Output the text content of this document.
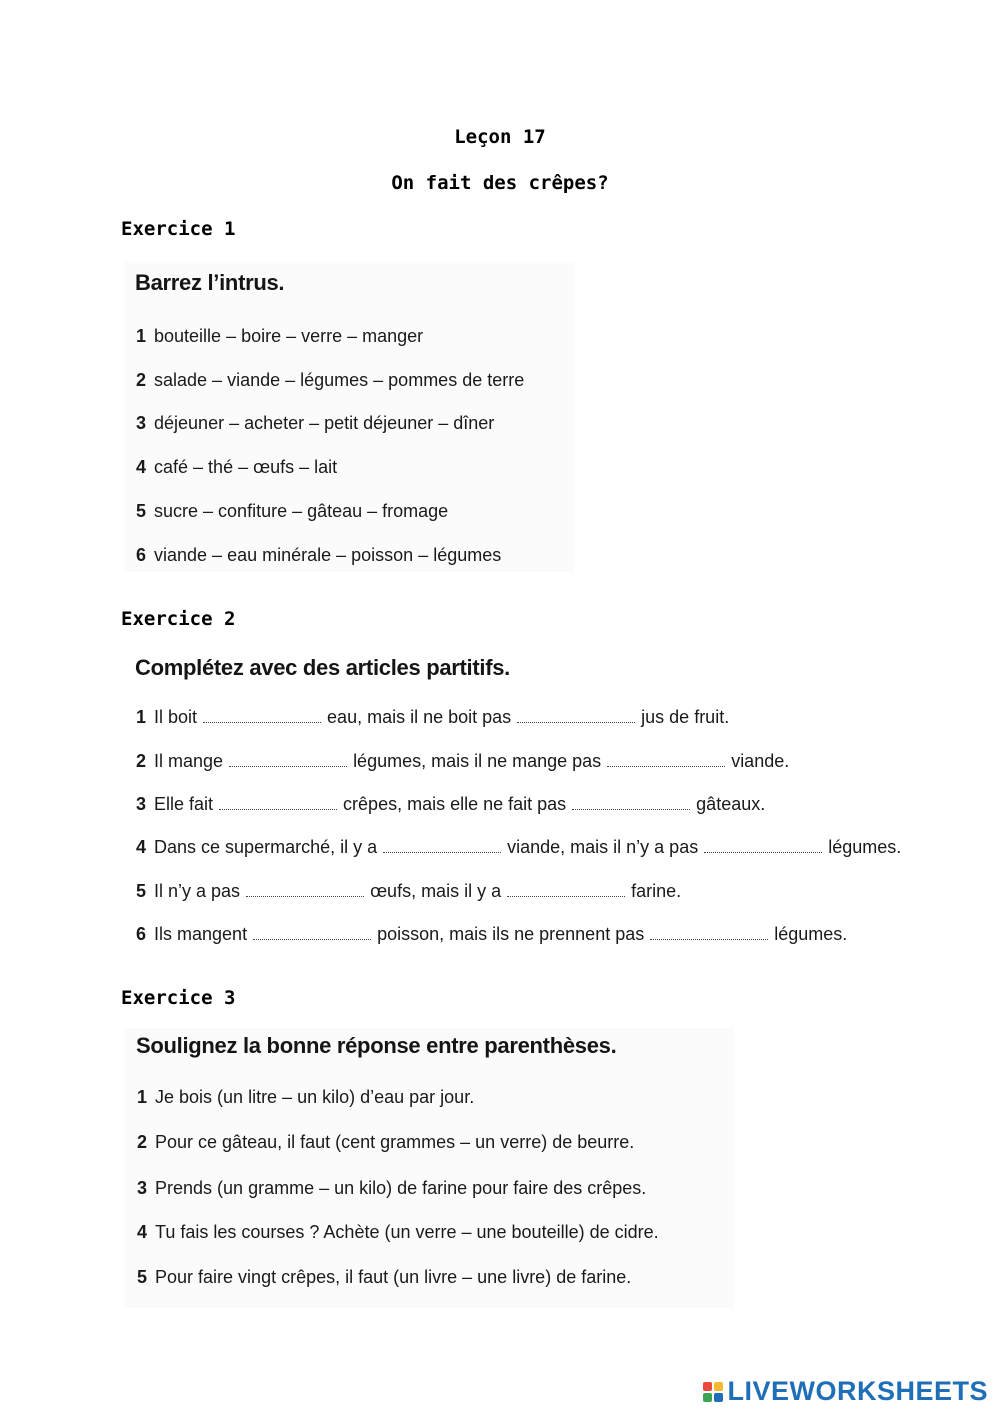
Leçon 17
On fait des crêpes?
Exercice 1
Barrez l’intrus.
1 bouteille – boire – verre – manger
2 salade – viande – légumes – pommes de terre
3 déjeuner – acheter – petit déjeuner – dîner
4 café – thé – œufs – lait
5 sucre – confiture – gâteau – fromage
6 viande – eau minérale – poisson – légumes
Exercice 2
Complétez avec des articles partitifs.
1 Il boit	eau, mais il ne boit pas	jus de fruit.
2 Il mange	légumes, mais il ne mange pas	viande.
3 Elle fait	crêpes, mais elle ne fait pas	gâteaux.
4 Dans ce supermarché, il y a	viande, mais il n’y a pas	légumes.
5 Il n’y a pas	œufs, mais il y a	farine.
6 Ils mangent	poisson, mais ils ne prennent pas	légumes.
Exercice 3
Soulignez la bonne réponse entre parenthèses.
1 Je bois (un litre – un kilo) d’eau par jour.
2 Pour ce gâteau, il faut (cent grammes – un verre) de beurre.
3 Prends (un gramme – un kilo) de farine pour faire des crêpes.
4 Tu fais les courses ? Achète (un verre – une bouteille) de cidre.
5 Pour faire vingt crêpes, il faut (un livre – une livre) de farine.
LIVEWORKSHEETS
